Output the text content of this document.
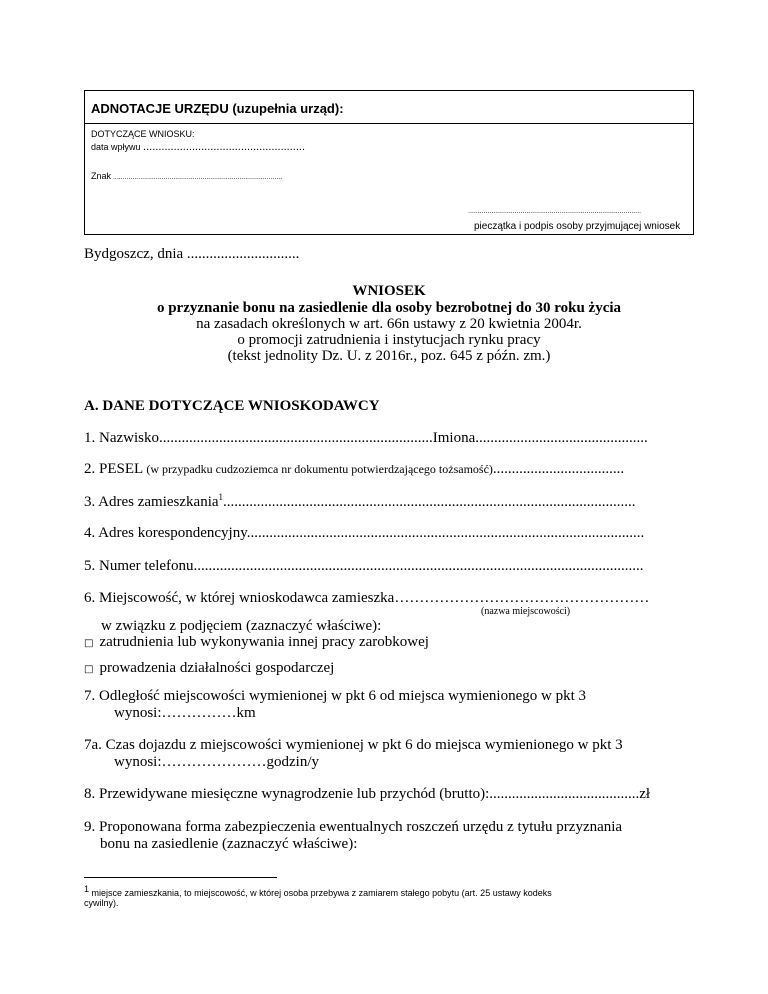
ADNOTACJE URZĘDU (uzupełnia urząd):
DOTYCZĄCE WNIOSKU:
data wpływu .....................................................
Znak .......................................................................................
.........................................................................................
pieczątka i podpis osoby przyjmującej wniosek
Bydgoszcz, dnia ..............................
WNIOSEK
o przyznanie bonu na zasiedlenie dla osoby bezrobotnej do 30 roku życia
na zasadach określonych w art. 66n ustawy z 20 kwietnia 2004r.
o promocji zatrudnienia i instytucjach rynku pracy
(tekst jednolity Dz. U. z 2016r., poz. 645 z późn. zm.)
A. DANE DOTYCZĄCE WNIOSKODAWCY
1. Nazwisko.........................................................................Imiona..............................................
2. PESEL (w przypadku cudzoziemca nr dokumentu potwierdzającego tożsamość)...................................
3. Adres zamieszkania$^1$..............................................................................................................
4. Adres korespondencyjny..........................................................................................................
5. Numer telefonu........................................................................................................................
6. Miejscowość, w której wnioskodawca zamieszka……………………………………………
(nazwa miejscowości)
w związku z podjęciem (zaznaczyć właściwe):
□ zatrudnienia lub wykonywania innej pracy zarobkowej
□ prowadzenia działalności gospodarczej
7. Odległość miejscowości wymienionej w pkt 6 od miejsca wymienionego w pkt 3
wynosi:……………km
7a. Czas dojazdu z miejscowości wymienionej w pkt 6 do miejsca wymienionego w pkt 3
wynosi:…………………godzin/y
8. Przewidywane miesięczne wynagrodzenie lub przychód (brutto):........................................zł
9. Proponowana forma zabezpieczenia ewentualnych roszczeń urzędu z tytułu przyznania
bonu na zasiedlenie (zaznaczyć właściwe):
$^1$ miejsce zamieszkania, to miejscowość, w której osoba przebywa z zamiarem stałego pobytu (art. 25 ustawy kodeks
cywilny).
